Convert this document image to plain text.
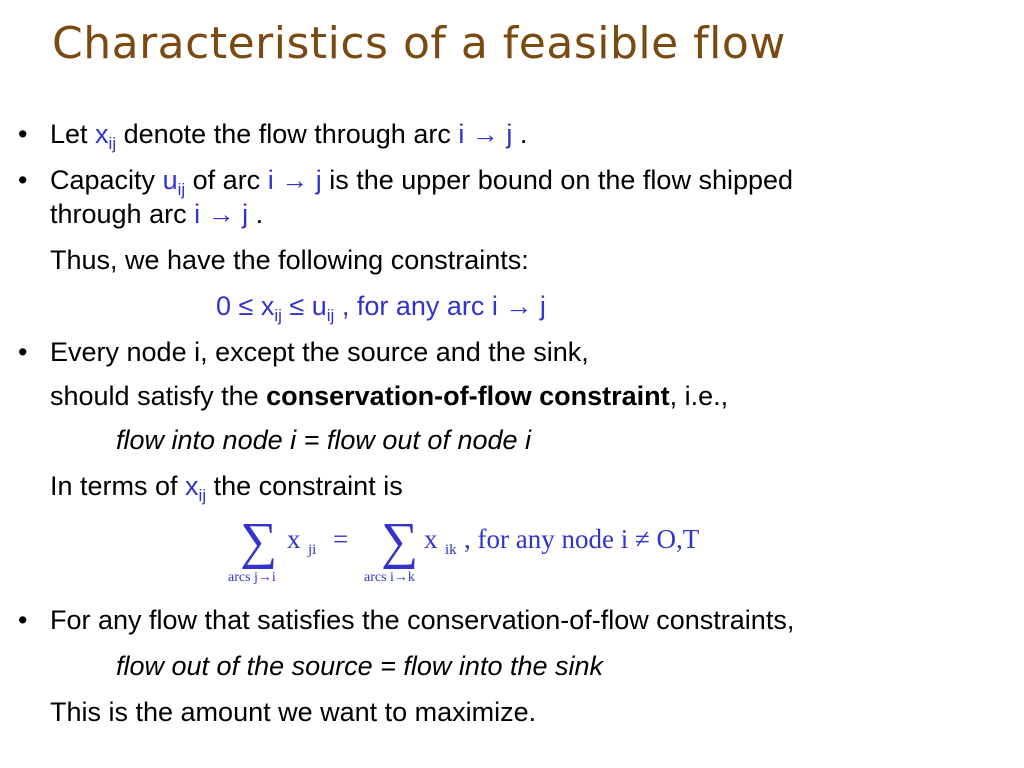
Characteristics of a feasible flow
• Let $x_{ij}$ denote the flow through arc i → j .
• Capacity $u_{ij}$ of arc i → j is the upper bound on the flow shipped
through arc i → j .
Thus, we have the following constraints:
$0 \le x_{ij} \le u_{ij}$ , for any arc i → j
• Every node i, except the source and the sink,
should satisfy the conservation-of-flow constraint, i.e.,
flow into node i = flow out of node i
In terms of $x_{ij}$ the constraint is
∑ x ji = ∑ x ik , for any node i ≠ O,T
arcs j→i	arcs i→k
• For any flow that satisfies the conservation-of-flow constraints,
flow out of the source = flow into the sink
This is the amount we want to maximize.
